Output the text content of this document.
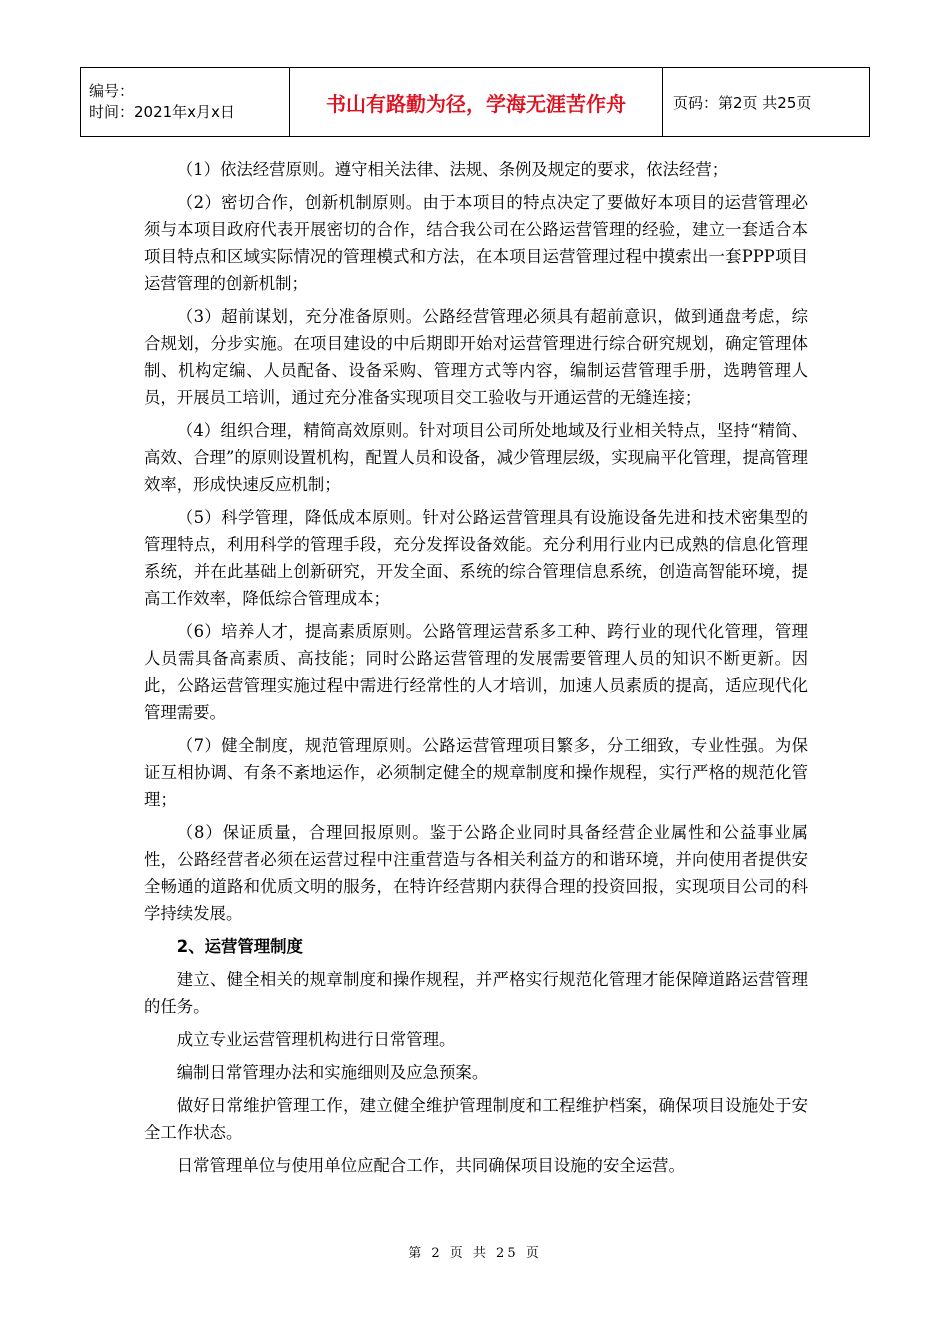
编号：
时间：2021年x月x日	书山有路勤为径，学海无涯苦作舟	页码：第2页 共25页

（1）依法经营原则。遵守相关法律、法规、条例及规定的要求，依法经营；

（2）密切合作，创新机制原则。由于本项目的特点决定了要做好本项目的运营管理必须与本项目政府代表开展密切的合作，结合我公司在公路运营管理的经验，建立一套适合本项目特点和区域实际情况的管理模式和方法，在本项目运营管理过程中摸索出一套PPP项目运营管理的创新机制；

（3）超前谋划，充分准备原则。公路经营管理必须具有超前意识，做到通盘考虑，综合规划，分步实施。在项目建设的中后期即开始对运营管理进行综合研究规划，确定管理体制、机构定编、人员配备、设备采购、管理方式等内容，编制运营管理手册，选聘管理人员，开展员工培训，通过充分准备实现项目交工验收与开通运营的无缝连接；

（4）组织合理，精简高效原则。针对项目公司所处地域及行业相关特点，坚持“精简、高效、合理”的原则设置机构，配置人员和设备，减少管理层级，实现扁平化管理，提高管理效率，形成快速反应机制；

（5）科学管理，降低成本原则。针对公路运营管理具有设施设备先进和技术密集型的管理特点，利用科学的管理手段，充分发挥设备效能。充分利用行业内已成熟的信息化管理系统，并在此基础上创新研究，开发全面、系统的综合管理信息系统，创造高智能环境，提高工作效率，降低综合管理成本；

（6）培养人才，提高素质原则。公路管理运营系多工种、跨行业的现代化管理，管理人员需具备高素质、高技能；同时公路运营管理的发展需要管理人员的知识不断更新。因此，公路运营管理实施过程中需进行经常性的人才培训，加速人员素质的提高，适应现代化管理需要。

（7）健全制度，规范管理原则。公路运营管理项目繁多，分工细致，专业性强。为保证互相协调、有条不紊地运作，必须制定健全的规章制度和操作规程，实行严格的规范化管理；

（8）保证质量，合理回报原则。鉴于公路企业同时具备经营企业属性和公益事业属性，公路经营者必须在运营过程中注重营造与各相关利益方的和谐环境，并向使用者提供安全畅通的道路和优质文明的服务，在特许经营期内获得合理的投资回报，实现项目公司的科学持续发展。

2、运营管理制度

建立、健全相关的规章制度和操作规程，并严格实行规范化管理才能保障道路运营管理的任务。

成立专业运营管理机构进行日常管理。

编制日常管理办法和实施细则及应急预案。

做好日常维护管理工作，建立健全维护管理制度和工程维护档案，确保项目设施处于安全工作状态。

日常管理单位与使用单位应配合工作，共同确保项目设施的安全运营。

第 2 页 共 25 页
